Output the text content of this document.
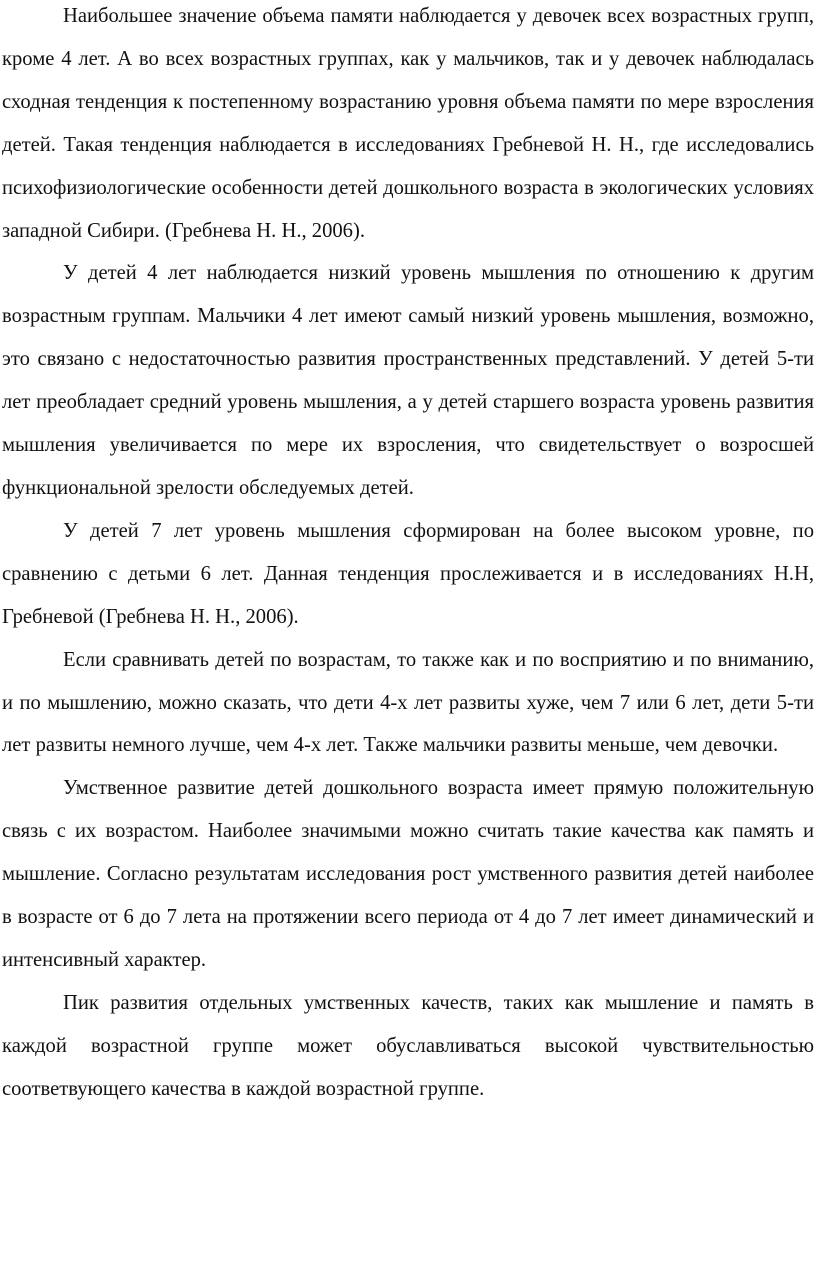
Наибольшее значение объема памяти наблюдается у девочек всех возрастных групп, кроме 4 лет. А во всех возрастных группах, как у мальчиков, так и у девочек наблюдалась сходная тенденция к постепенному возрастанию уровня объема памяти по мере взросления детей. Такая тенденция наблюдается в исследованиях Гребневой Н. Н., где исследовались психофизиологические особенности детей дошкольного возраста в экологических условиях западной Сибири. (Гребнева Н. Н., 2006).

У детей 4 лет наблюдается низкий уровень мышления по отношению к другим возрастным группам. Мальчики 4 лет имеют самый низкий уровень мышления, возможно, это связано с недостаточностью развития пространственных представлений. У детей 5-ти лет преобладает средний уровень мышления, а у детей старшего возраста уровень развития мышления увеличивается по мере их взросления, что свидетельствует о возросшей функциональной зрелости обследуемых детей.

У детей 7 лет уровень мышления сформирован на более высоком уровне, по сравнению с детьми 6 лет. Данная тенденция прослеживается и в исследованиях Н.Н, Гребневой (Гребнева Н. Н., 2006).

Если сравнивать детей по возрастам, то также как и по восприятию и по вниманию, и по мышлению, можно сказать, что дети 4-х лет развиты хуже, чем 7 или 6 лет, дети 5-ти лет развиты немного лучше, чем 4-х лет. Также мальчики развиты меньше, чем девочки.

Умственное развитие детей дошкольного возраста имеет прямую положительную связь с их возрастом. Наиболее значимыми можно считать такие качества как память и мышление. Согласно результатам исследования рост умственного развития детей наиболее в возрасте от 6 до 7 лета на протяжении всего периода от 4 до 7 лет имеет динамический и интенсивный характер.

Пик развития отдельных умственных качеств, таких как мышление и память в каждой возрастной группе может обуславливаться высокой чувствительностью соответвующего качества в каждой возрастной группе.
